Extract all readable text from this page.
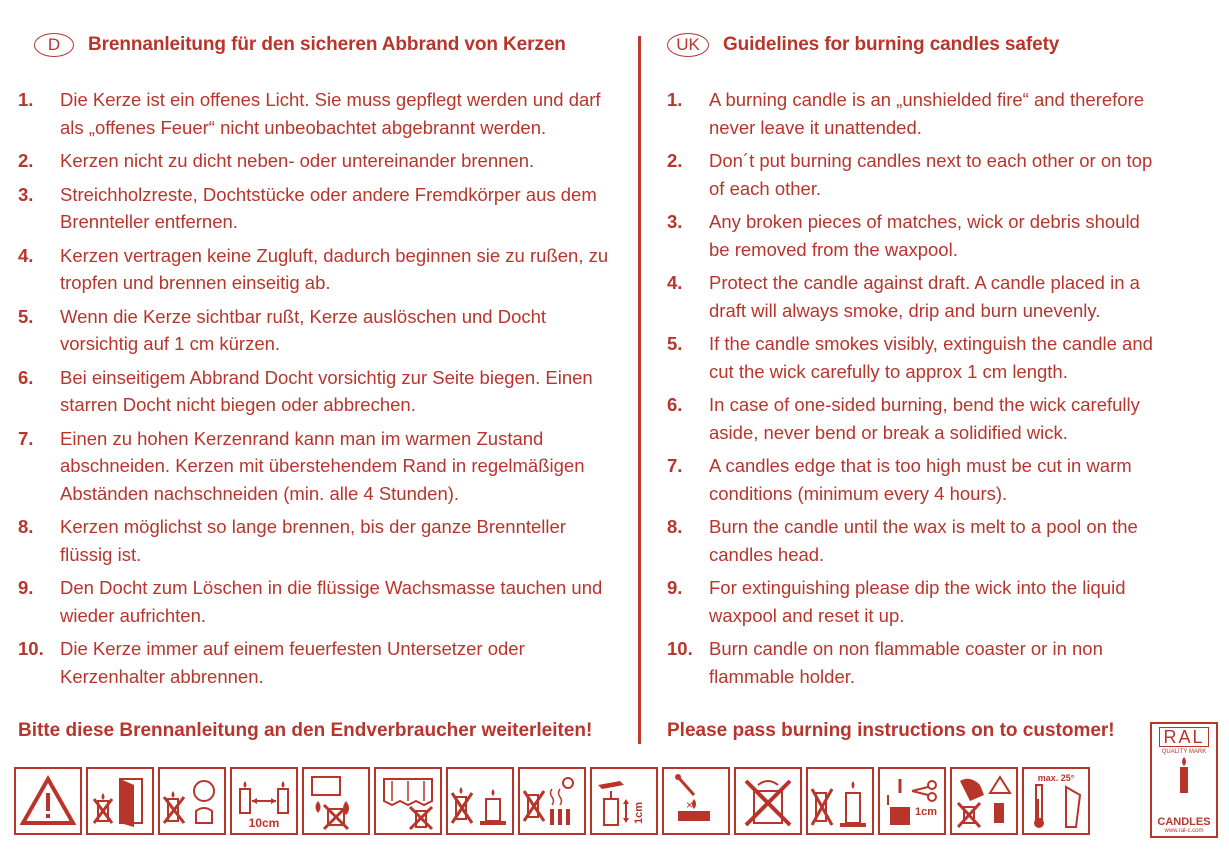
D	Brennanleitung für den sicheren Abbrand von Kerzen
1. Die Kerze ist ein offenes Licht. Sie muss gepflegt werden und darf als „offenes Feuer“ nicht unbeobachtet abgebrannt werden.
2. Kerzen nicht zu dicht neben- oder untereinander brennen.
3. Streichholzreste, Dochtstücke oder andere Fremdkörper aus dem Brennteller entfernen.
4. Kerzen vertragen keine Zugluft, dadurch beginnen sie zu rußen, zu tropfen und brennen einseitig ab.
5. Wenn die Kerze sichtbar rußt, Kerze auslöschen und Docht vorsichtig auf 1 cm kürzen.
6. Bei einseitigem Abbrand Docht vorsichtig zur Seite biegen. Einen starren Docht nicht biegen oder abbrechen.
7. Einen zu hohen Kerzenrand kann man im warmen Zustand abschneiden. Kerzen mit überstehendem Rand in regelmäßigen Abständen nachschneiden (min. alle 4 Stunden).
8. Kerzen möglichst so lange brennen, bis der ganze Brennteller flüssig ist.
9. Den Docht zum Löschen in die flüssige Wachsmasse tauchen und wieder aufrichten.
10. Die Kerze immer auf einem feuerfesten Untersetzer oder Kerzenhalter abbrennen.
UK	Guidelines for burning candles safety
1. A burning candle is an „unshielded fire“ and therefore never leave it unattended.
2. Don´t put burning candles next to each other or on top of each other.
3. Any broken pieces of matches, wick or debris should be removed from the waxpool.
4. Protect the candle against draft. A candle placed in a draft will always smoke, drip and burn unevenly.
5. If the candle smokes visibly, extinguish the candle and cut the wick carefully to approx 1 cm length.
6. In case of one-sided burning, bend the wick carefully aside, never bend or break a solidified wick.
7. A candles edge that is too high must be cut in warm conditions (minimum every 4 hours).
8. Burn the candle until the wax is melt to a pool on the candles head.
9. For extinguishing please dip the wick into the liquid waxpool and reset it up.
10. Burn candle on non flammable coaster or in non flammable holder.
Bitte diese Brennanleitung an den Endverbraucher weiterleiten!	Please pass burning instructions on to customer!
10cm	1cm	×	1cm
max. 25°
RAL
QUALITY MARK
CANDLES
www.ral-c.com
